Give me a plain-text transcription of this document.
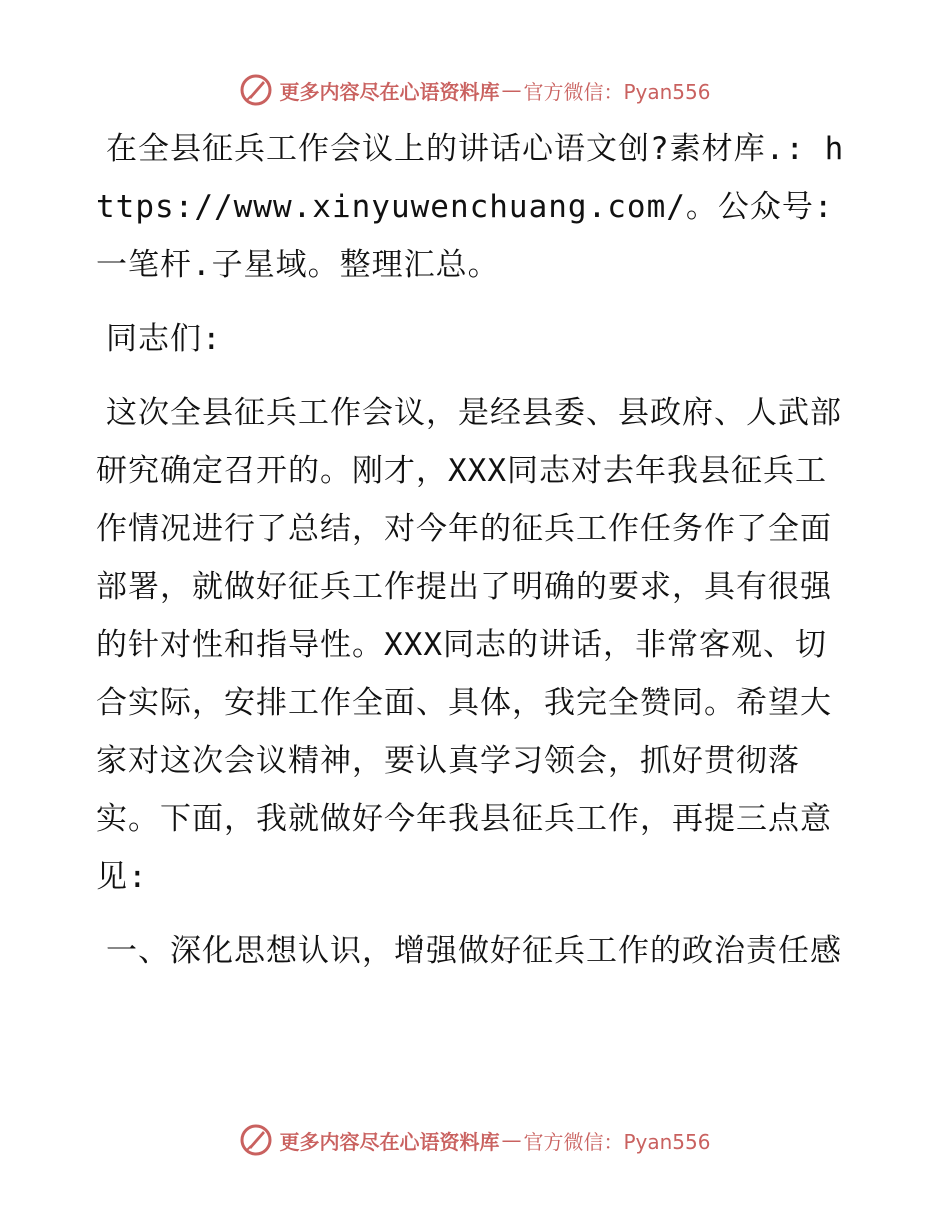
更多内容尽在心语资料库 — 官方微信：Pyan556

在全县征兵工作会议上的讲话心语文创?素材库.: https://www.xinyuwenchuang.com/。公众号: 一笔杆.子星域。整理汇总。

同志们:

这次全县征兵工作会议，是经县委、县政府、人武部研究确定召开的。刚才，XXX同志对去年我县征兵工作情况进行了总结，对今年的征兵工作任务作了全面部署，就做好征兵工作提出了明确的要求，具有很强的针对性和指导性。XXX同志的讲话，非常客观、切合实际，安排工作全面、具体，我完全赞同。希望大家对这次会议精神，要认真学习领会，抓好贯彻落实。下面，我就做好今年我县征兵工作，再提三点意见:

一、深化思想认识，增强做好征兵工作的政治责任感

更多内容尽在心语资料库 — 官方微信：Pyan556
